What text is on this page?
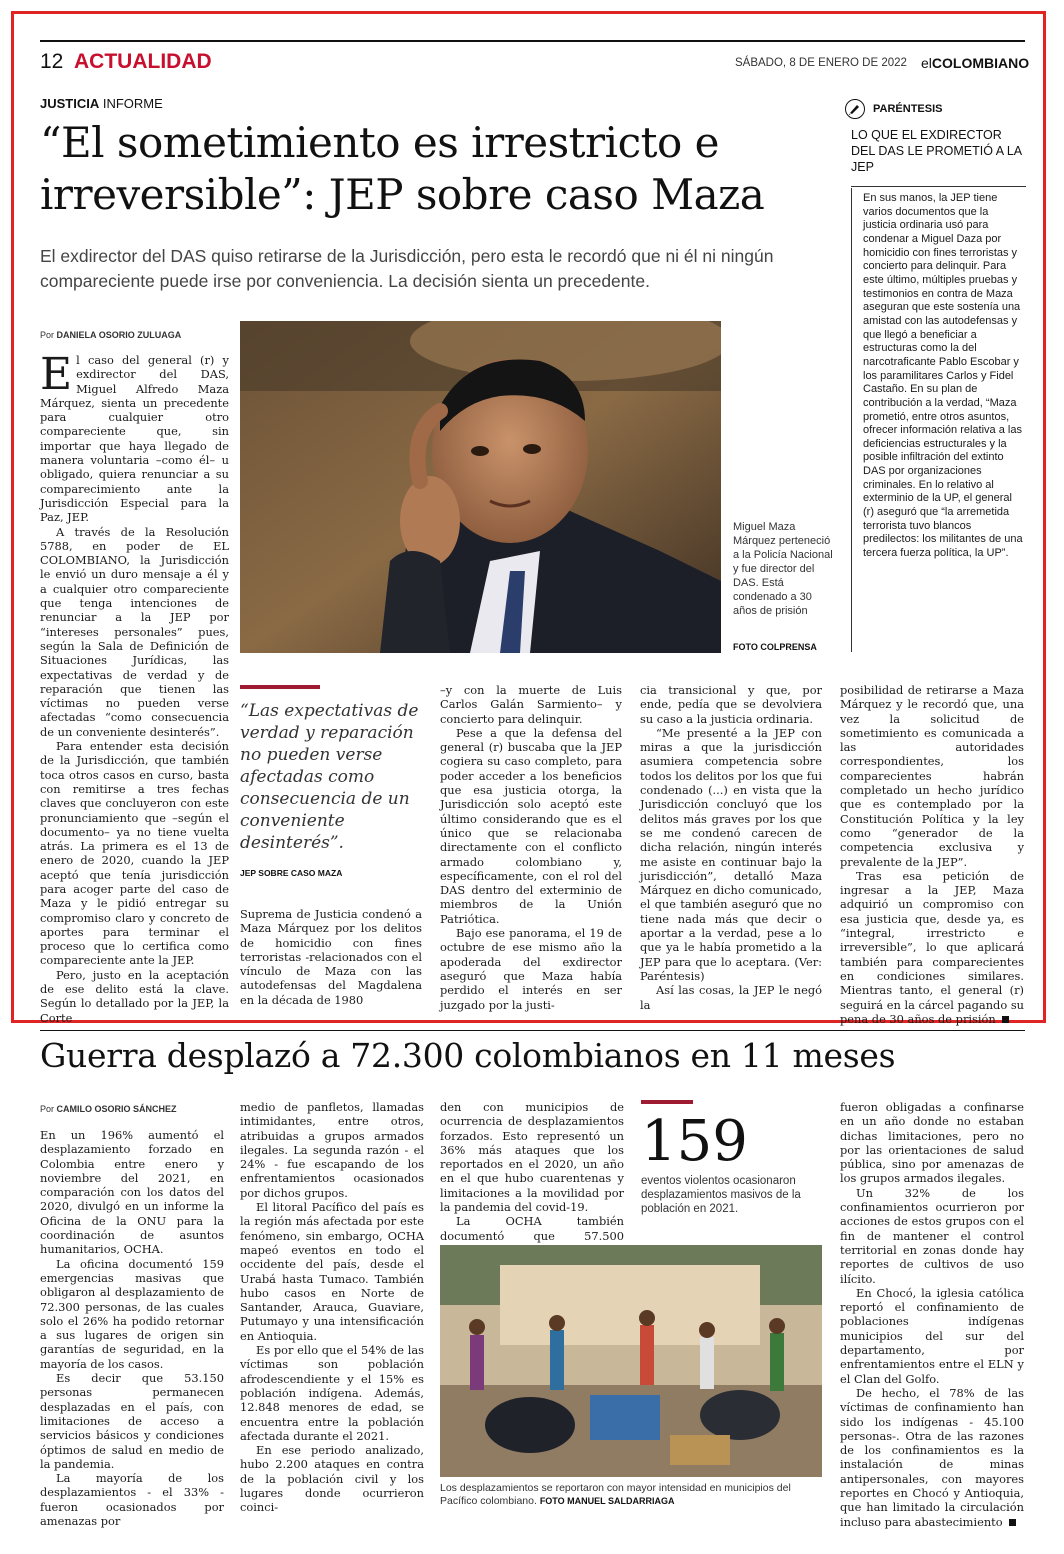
12 ACTUALIDAD	SÁBADO, 8 DE ENERO DE 2022 elCOLOMBIANO
JUSTICIA INFORME
“El sometimiento es irrestricto e irreversible”: JEP sobre caso Maza
El exdirector del DAS quiso retirarse de la Jurisdicción, pero esta le recordó que ni él ni ningún compareciente puede irse por conveniencia. La decisión sienta un precedente.
Por DANIELA OSORIO ZULUAGA

El caso del general (r) y exdirector del DAS, Miguel Alfredo Maza Márquez, sienta un precedente para cualquier otro compareciente que, sin importar que haya llegado de manera voluntaria –como él– u obligado, quiera renunciar a su comparecimiento ante la Jurisdicción Especial para la Paz, JEP.

A través de la Resolución 5788, en poder de EL COLOMBIANO, la Jurisdicción le envió un duro mensaje a él y a cualquier otro compareciente que tenga intenciones de renunciar a la JEP por “intereses personales” pues, según la Sala de Definición de Situaciones Jurídicas, las expectativas de verdad y de reparación que tienen las víctimas no pueden verse afectadas “como consecuencia de un conveniente desinterés”.

Para entender esta decisión de la Jurisdicción, que también toca otros casos en curso, basta con remitirse a tres fechas claves que concluyeron con este pronunciamiento que –según el documento– ya no tiene vuelta atrás. La primera es el 13 de enero de 2020, cuando la JEP aceptó que tenía jurisdicción para acoger parte del caso de Maza y le pidió entregar su compromiso claro y concreto de aportes para terminar el proceso que lo certifica como compareciente ante la JEP.

Pero, justo en la aceptación de ese delito está la clave. Según lo detallado por la JEP, la Corte

Miguel Maza Márquez perteneció a la Policía Nacional y fue director del DAS. Está condenado a 30 años de prisión
FOTO COLPRENSA
“Las expectativas de verdad y reparación no pueden verse afectadas como consecuencia de un conveniente desinterés”.
JEP SOBRE CASO MAZA

Suprema de Justicia condenó a Maza Márquez por los delitos de homicidio con fines terroristas -relacionados con el vínculo de Maza con las autodefensas del Magdalena en la década de 1980

–y con la muerte de Luis Carlos Galán Sarmiento– y concierto para delinquir.

Pese a que la defensa del general (r) buscaba que la JEP cogiera su caso completo, para poder acceder a los beneficios que esa justicia otorga, la Jurisdicción solo aceptó este último considerando que es el único que se relacionaba directamente con el conflicto armado colombiano y, específicamente, con el rol del DAS dentro del exterminio de miembros de la Unión Patriótica.

Bajo ese panorama, el 19 de octubre de ese mismo año la apoderada del exdirector aseguró que Maza había perdido el interés en ser juzgado por la justi-

cia transicional y que, por ende, pedía que se devolviera su caso a la justicia ordinaria.

“Me presenté a la JEP con miras a que la jurisdicción asumiera competencia sobre todos los delitos por los que fui condenado (...) en vista que la Jurisdicción concluyó que los delitos más graves por los que se me condenó carecen de dicha relación, ningún interés me asiste en continuar bajo la jurisdicción”, detalló Maza Márquez en dicho comunicado, el que también aseguró que no tiene nada más que decir o aportar a la verdad, pese a lo que ya le había prometido a la JEP para que lo aceptara. (Ver: Paréntesis)

Así las cosas, la JEP le negó la

posibilidad de retirarse a Maza Márquez y le recordó que, una vez la solicitud de sometimiento es comunicada a las autoridades correspondientes, los comparecientes habrán completado un hecho jurídico que es contemplado por la Constitución Política y la ley como “generador de la competencia exclusiva y prevalente de la JEP”.

Tras esa petición de ingresar a la JEP, Maza adquirió un compromiso con esa justicia que, desde ya, es “integral, irrestricto e irreversible”, lo que aplicará también para comparecientes en condiciones similares. Mientras tanto, el general (r) seguirá en la cárcel pagando su pena de 30 años de prisión

PARÉNTESIS
LO QUE EL EXDIRECTOR DEL DAS LE PROMETIÓ A LA JEP

En sus manos, la JEP tiene varios documentos que la justicia ordinaria usó para condenar a Miguel Daza por homicidio con fines terroristas y concierto para delinquir. Para este último, múltiples pruebas y testimonios en contra de Maza aseguran que este sostenía una amistad con las autodefensas y que llegó a beneficiar a estructuras como la del narcotraficante Pablo Escobar y los paramilitares Carlos y Fidel Castaño. En su plan de contribución a la verdad, “Maza prometió, entre otros asuntos, ofrecer información relativa a las deficiencias estructurales y la posible infiltración del extinto DAS por organizaciones criminales. En lo relativo al exterminio de la UP, el general (r) aseguró que “la arremetida terrorista tuvo blancos predilectos: los militantes de una tercera fuerza política, la UP”.

Guerra desplazó a 72.300 colombianos en 11 meses
Por CAMILO OSORIO SÁNCHEZ

En un 196% aumentó el desplazamiento forzado en Colombia entre enero y noviembre del 2021, en comparación con los datos del 2020, divulgó en un informe la Oficina de la ONU para la coordinación de asuntos humanitarios, OCHA.

La oficina documentó 159 emergencias masivas que obligaron al desplazamiento de 72.300 personas, de las cuales solo el 26% ha podido retornar a sus lugares de origen sin garantías de seguridad, en la mayoría de los casos.

Es decir que 53.150 personas permanecen desplazadas en el país, con limitaciones de acceso a servicios básicos y condiciones óptimos de salud en medio de la pandemia.

La mayoría de los desplazamientos - el 33% - fueron ocasionados por amenazas por

medio de panfletos, llamadas intimidantes, entre otros, atribuidas a grupos armados ilegales. La segunda razón - el 24% - fue escapando de los enfrentamientos ocasionados por dichos grupos.

El litoral Pacífico del país es la región más afectada por este fenómeno, sin embargo, OCHA mapeó eventos en todo el occidente del país, desde el Urabá hasta Tumaco. También hubo casos en Norte de Santander, Arauca, Guaviare, Putumayo y una intensificación en Antioquia.

Es por ello que el 54% de las víctimas son población afrodescendiente y el 15% es población indígena. Además, 12.848 menores de edad, se encuentra entre la población afectada durante el 2021.

En ese periodo analizado, hubo 2.200 ataques en contra de la población civil y los lugares donde ocurrieron coinci-

den con municipios de ocurrencia de desplazamientos forzados. Esto representó un 36% más ataques que los reportados en el 2020, un año en el que hubo cuarentenas y limitaciones a la movilidad por la pandemia del covid-19.

La OCHA también documentó que 57.500

159
eventos violentos ocasionaron desplazamientos masivos de la población en 2021.
Los desplazamientos se reportaron con mayor intensidad en municipios del Pacífico colombiano. FOTO MANUEL SALDARRIAGA

fueron obligadas a confinarse en un año donde no estaban dichas limitaciones, pero no por las orientaciones de salud pública, sino por amenazas de los grupos armados ilegales.

Un 32% de los confinamientos ocurrieron por acciones de estos grupos con el fin de mantener el control territorial en zonas donde hay reportes de cultivos de uso ilícito.

En Chocó, la iglesia católica reportó el confinamiento de poblaciones indígenas municipios del sur del departamento, por enfrentamientos entre el ELN y el Clan del Golfo.

De hecho, el 78% de las víctimas de confinamiento han sido los indígenas - 45.100 personas-. Otra de las razones de los confinamientos es la instalación de minas antipersonales, con mayores reportes en Chocó y Antioquia, que han limitado la circulación incluso para abastecimiento
